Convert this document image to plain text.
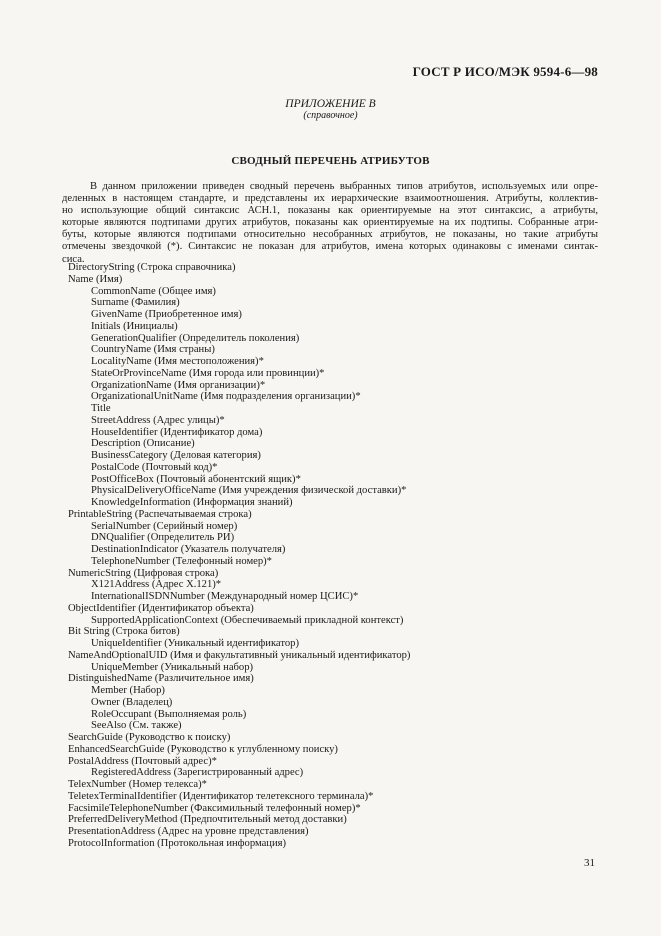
ГОСТ Р ИСО/МЭК 9594-6—98
ПРИЛОЖЕНИЕ В
(справочное)
СВОДНЫЙ ПЕРЕЧЕНЬ АТРИБУТОВ
В данном приложении приведен сводный перечень выбранных типов атрибутов, используемых или опре-
деленных в настоящем стандарте, и представлены их иерархические взаимоотношения. Атрибуты, коллектив-
но использующие общий синтаксис АСН.1, показаны как ориентируемые на этот синтаксис, а атрибуты,
которые являются подтипами других атрибутов, показаны как ориентируемые на их подтипы. Собранные атри-
буты, которые являются подтипами относительно несобранных атрибутов, не показаны, но такие атрибуты
отмечены звездочкой (*). Синтаксис не показан для атрибутов, имена которых одинаковы с именами синтак-
сиса.
DirectoryString (Строка справочника)
Name (Имя)
CommonName (Общее имя)
Surname (Фамилия)
GivenName (Приобретенное имя)
Initials (Инициалы)
GenerationQualifier (Определитель поколения)
CountryName (Имя страны)
LocalityName (Имя местоположения)*
StateOrProvinceName (Имя города или провинции)*
OrganizationName (Имя организации)*
OrganizationalUnitName (Имя подразделения организации)*
Title
StreetAddress (Адрес улицы)*
HouseIdentifier (Идентификатор дома)
Description (Описание)
BusinessCategory (Деловая категория)
PostalCode (Почтовый код)*
PostOfficeBox (Почтовый абонентский ящик)*
PhysicalDeliveryOfficeName (Имя учреждения физической доставки)*
KnowledgeInformation (Информация знаний)
PrintableString (Распечатываемая строка)
SerialNumber (Серийный номер)
DNQualifier (Определитель РИ)
DestinationIndicator (Указатель получателя)
TelephoneNumber (Телефонный номер)*
NumericString (Цифровая строка)
X121Address (Адрес X.121)*
InternationalISDNNumber (Международный номер ЦСИС)*
ObjectIdentifier (Идентификатор объекта)
SupportedApplicationContext (Обеспечиваемый прикладной контекст)
Bit String (Строка битов)
UniqueIdentifier (Уникальный идентификатор)
NameAndOptionalUID (Имя и факультативный уникальный идентификатор)
UniqueMember (Уникальный набор)
DistinguishedName (Различительное имя)
Member (Набор)
Owner (Владелец)
RoleOccupant (Выполняемая роль)
SeeAlso (См. также)
SearchGuide (Руководство к поиску)
EnhancedSearchGuide (Руководство к углубленному поиску)
PostalAddress (Почтовый адрес)*
RegisteredAddress (Зарегистрированный адрес)
TelexNumber (Номер телекса)*
TeletexTerminalIdentifier (Идентификатор телетексного терминала)*
FacsimileTelephoneNumber (Факсимильный телефонный номер)*
PreferredDeliveryMethod (Предпочтительный метод доставки)
PresentationAddress (Адрес на уровне представления)
ProtocolInformation (Протокольная информация)
31
